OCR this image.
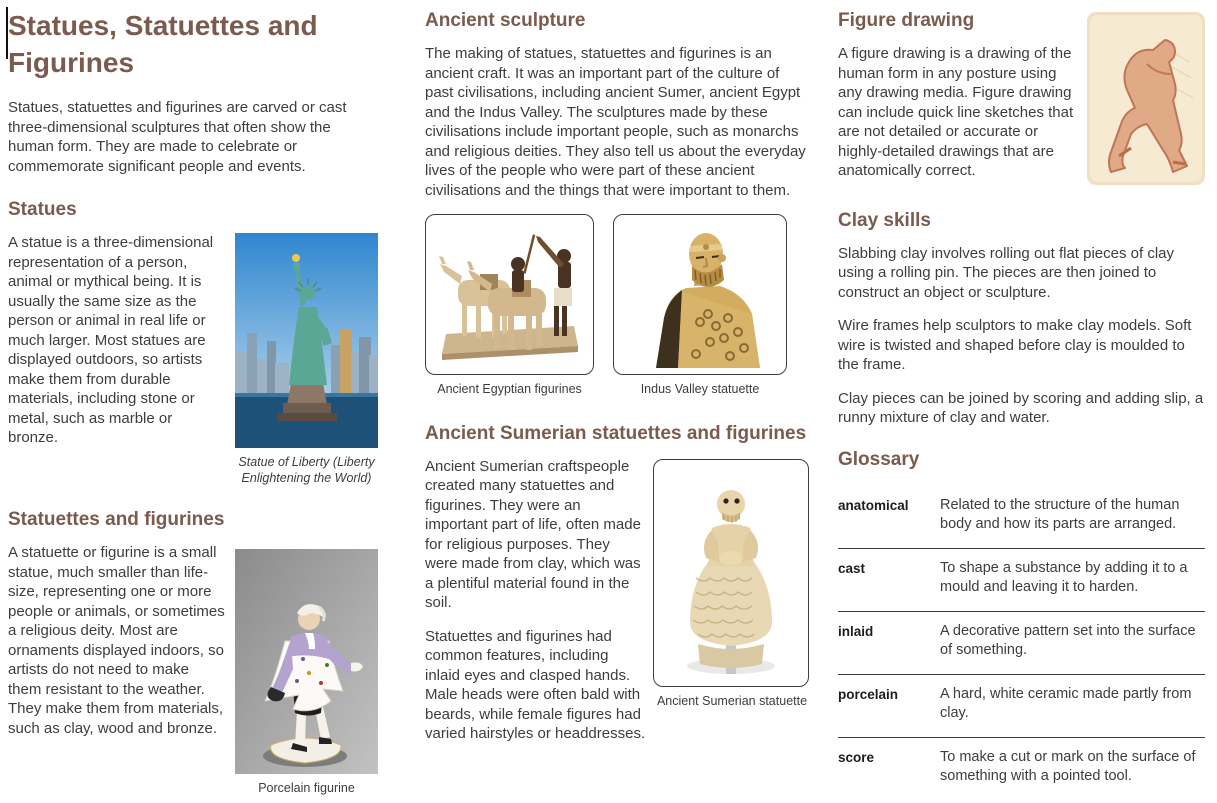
Statues, Statuettes and Figurines

Statues, statuettes and figurines are carved or cast three-dimensional sculptures that often show the human form. They are made to celebrate or commemorate significant people and events.

Statues
Statue of Liberty (Liberty Enlightening the World)

A statue is a three-dimensional representation of a person, animal or mythical being. It is usually the same size as the person or animal in real life or much larger. Most statues are displayed outdoors, so artists make them from durable materials, including stone or metal, such as marble or bronze.

Statuettes and figurines
Porcelain figurine

A statuette or figurine is a small statue, much smaller than life-size, representing one or more people or animals, or sometimes a religious deity. Most are ornaments displayed indoors, so artists do not need to make them resistant to the weather. They make them from materials, such as clay, wood and bronze.

Ancient sculpture

The making of statues, statuettes and figurines is an ancient craft. It was an important part of the culture of past civilisations, including ancient Sumer, ancient Egypt and the Indus Valley. The sculptures made by these civilisations include important people, such as monarchs and religious deities. They also tell us about the everyday lives of the people who were part of these ancient civilisations and the things that were important to them.

Ancient Egyptian figurines	Indus Valley statuette
Ancient Sumerian statuettes and figurines
Ancient Sumerian statuette

Ancient Sumerian craftspeople created many statuettes and figurines. They were an important part of life, often made for religious purposes. They were made from clay, which was a plentiful material found in the soil.

Statuettes and figurines had common features, including inlaid eyes and clasped hands. Male heads were often bald with beards, while female figures had varied hairstyles or headdresses.

Figure drawing

A figure drawing is a drawing of the human form in any posture using any drawing media. Figure drawing can include quick line sketches that are not detailed or accurate or highly-detailed drawings that are anatomically correct.

Clay skills

Slabbing clay involves rolling out flat pieces of clay using a rolling pin. The pieces are then joined to construct an object or sculpture.

Wire frames help sculptors to make clay models. Soft wire is twisted and shaped before clay is moulded to the frame.

Clay pieces can be joined by scoring and adding slip, a runny mixture of clay and water.

Glossary
anatomical	Related to the structure of the human body and how its parts are arranged.
cast	To shape a substance by adding it to a mould and leaving it to harden.
inlaid	A decorative pattern set into the surface of something.
porcelain	A hard, white ceramic made partly from clay.
score	To make a cut or mark on the surface of something with a pointed tool.
